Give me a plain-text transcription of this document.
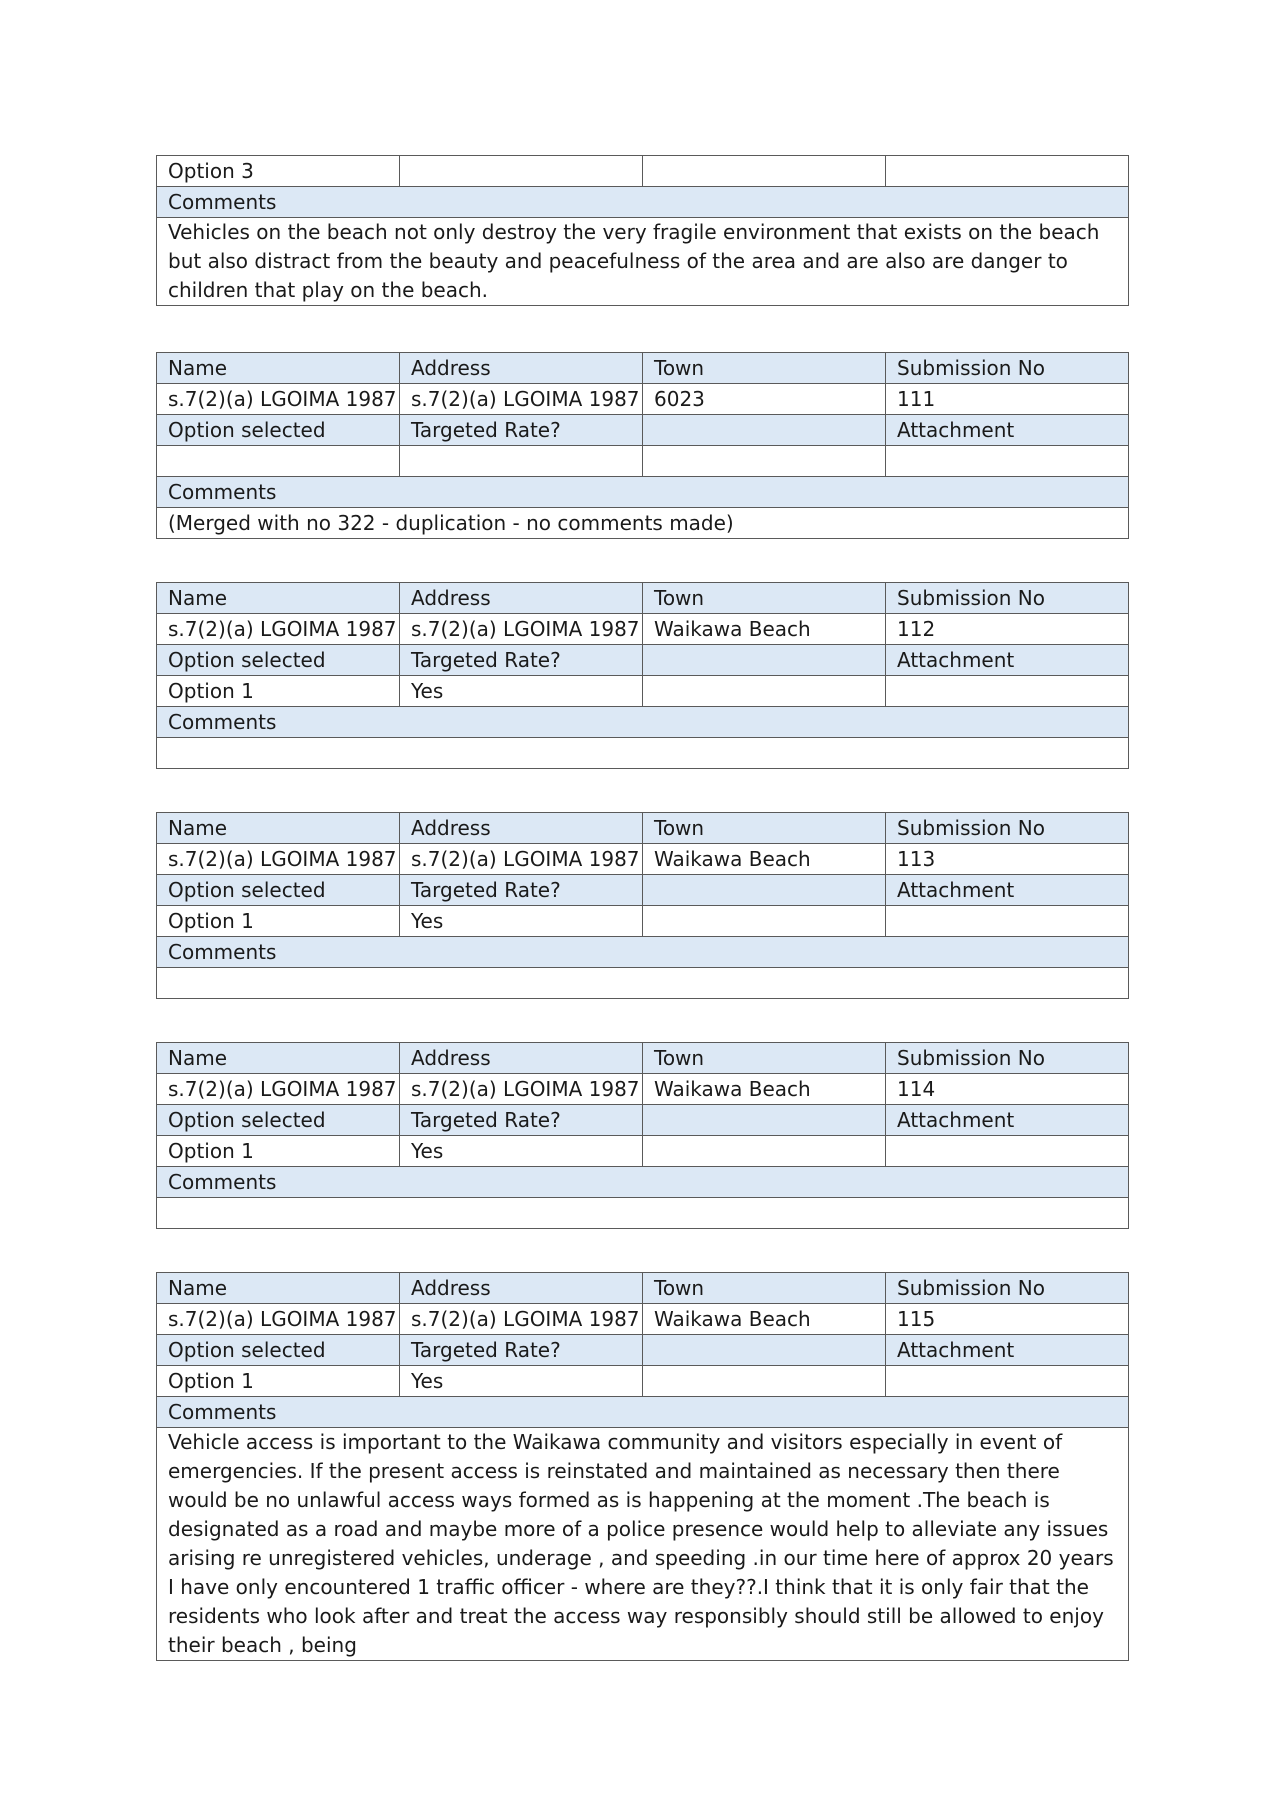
Option 3			
Comments
Vehicles on the beach not only destroy the very fragile environment that exists on the beach but also distract from the beauty and peacefulness of the area and are also are danger to children that play on the beach.
Name	Address	Town	Submission No
s.7(2)(a) LGOIMA 1987	s.7(2)(a) LGOIMA 1987	6023	111
Option selected	Targeted Rate?		Attachment

Comments			
(Merged with no 322 - duplication - no comments made)			
Name	Address	Town	Submission No
s.7(2)(a) LGOIMA 1987	s.7(2)(a) LGOIMA 1987	Waikawa Beach	112
Option selected	Targeted Rate?		Attachment
Option 1	Yes		
Comments			

Name	Address	Town	Submission No
s.7(2)(a) LGOIMA 1987	s.7(2)(a) LGOIMA 1987	Waikawa Beach	113
Option selected	Targeted Rate?		Attachment
Option 1	Yes		
Comments			

Name	Address	Town	Submission No
s.7(2)(a) LGOIMA 1987	s.7(2)(a) LGOIMA 1987	Waikawa Beach	114
Option selected	Targeted Rate?		Attachment
Option 1	Yes		
Comments			

Name	Address	Town	Submission No
s.7(2)(a) LGOIMA 1987	s.7(2)(a) LGOIMA 1987	Waikawa Beach	115
Option selected	Targeted Rate?		Attachment
Option 1	Yes		
Comments			
Vehicle access is important to the Waikawa community and visitors especially in event of emergencies. If the present access is reinstated and maintained as necessary then there would be no unlawful access ways formed as is happening at the moment .The beach is designated as a road and maybe more of a police presence would help to alleviate any issues arising re unregistered vehicles, underage , and speeding .in our time here of approx 20 years I have only encountered 1 traffic officer - where are they??.I think that it is only fair that the residents who look after and treat the access way responsibly should still be allowed to enjoy their beach , being			
